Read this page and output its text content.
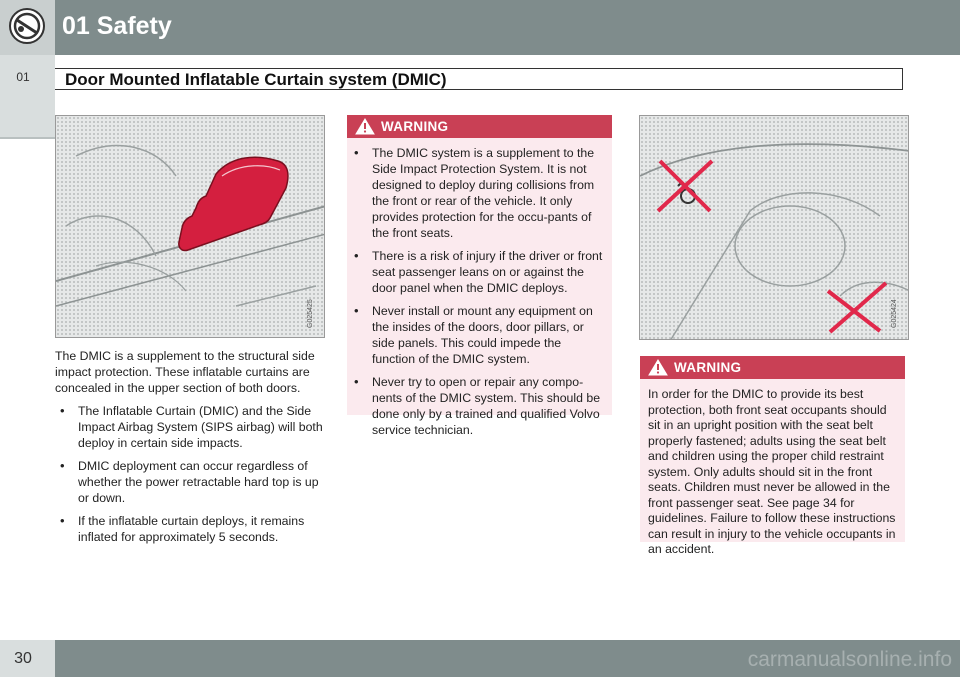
01 Safety
01	Door Mounted Inflatable Curtain system (DMIC)
G025425
The DMIC is a supplement to the structural side impact protection. These inflatable curtains are concealed in the upper section of both doors.
• The Inflatable Curtain (DMIC) and the Side Impact Airbag System (SIPS airbag) will both deploy in certain side impacts.
• DMIC deployment can occur regardless of whether the power retractable hard top is up or down.
• If the inflatable curtain deploys, it remains inflated for approximately 5 seconds.
WARNING
• The DMIC system is a supplement to the Side Impact Protection System. It is not designed to deploy during collisions from the front or rear of the vehicle. It only provides protection for the occu-pants of the front seats.
• There is a risk of injury if the driver or front seat passenger leans on or against the door panel when the DMIC deploys.
• Never install or mount any equipment on the insides of the doors, door pillars, or side panels. This could impede the function of the DMIC system.
• Never try to open or repair any compo-nents of the DMIC system. This should be done only by a trained and qualified Volvo service technician.
G025424
WARNING

In order for the DMIC to provide its best protection, both front seat occupants should sit in an upright position with the seat belt properly fastened; adults using the seat belt and children using the proper child restraint system. Only adults should sit in the front seats. Children must never be allowed in the front passenger seat. See page 34 for guidelines. Failure to follow these instructions can result in injury to the vehicle occupants in an accident.

30	carmanualsonline.info
